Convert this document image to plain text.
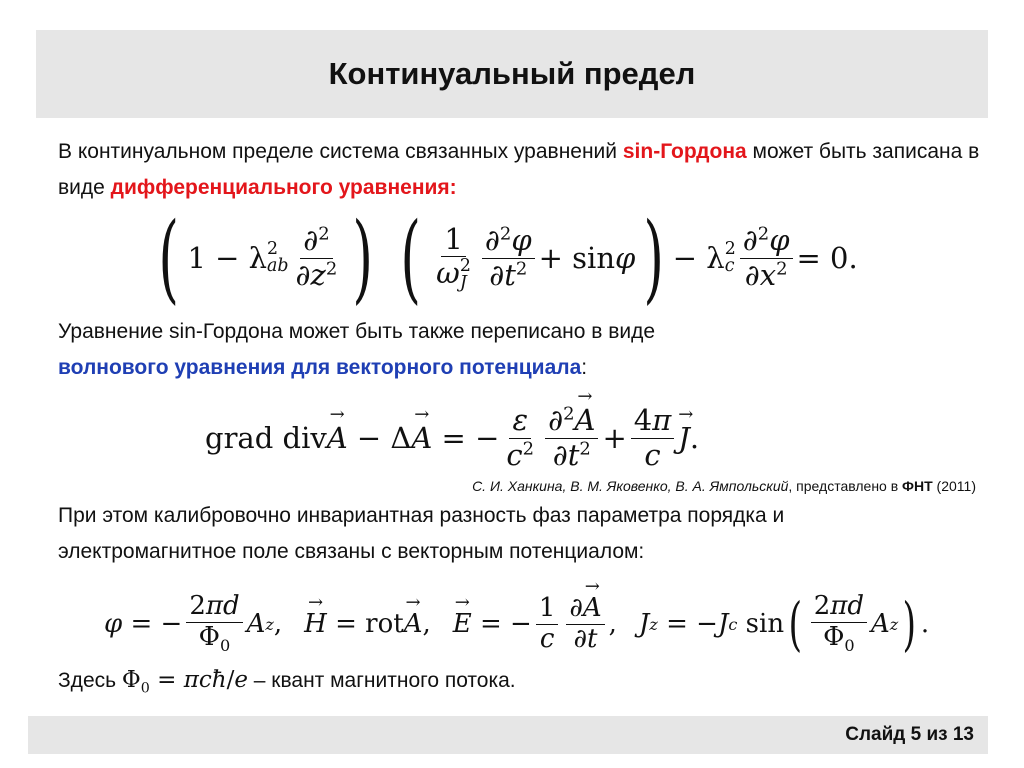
Континуальный предел
В континуальном пределе система связанных уравнений sin-Гордона может быть записана в виде дифференциального уравнения:
( 1 − λ 2
ab $\frac{\partial^2}{\partial z^2}$ ) ( 1
ω 2
J $\frac{\partial^2\varphi}{\partial t^2} + \sin \varphi$ ) − λ 2
c $\frac{\partial^2\varphi}{\partial x^2} = 0$.
Уравнение sin-Гордона может быть также переписано в виде
волнового уравнения для векторного потенциала:
grad div
→ A − Δ
→ A = − $\frac{\varepsilon}{c^2} \frac{\partial^2\to A}{\partial t^2} + \frac{4\pi}{c}$
→ J .
С. И. Ханкина, В. М. Яковенко, В. А. Ямпольский, представлено в ФНТ (2011)
При этом калибровочно инвариантная разность фаз параметра порядка и
электромагнитное поле связаны с векторным потенциалом:
φ = − $\frac{2\pi d}{\Phi_0}$ A z ,
→ H = rot
→ A ,
→ E = − $\frac{1}{c} \frac{\partial\to A}{\partial t}$ , J z = − J c sin ( $\frac{2\pi d}{\Phi_0}$ A z ) .
Здесь $\Phi_0$ = πcħ/e – квант магнитного потока.
Слайд 5 из 13
